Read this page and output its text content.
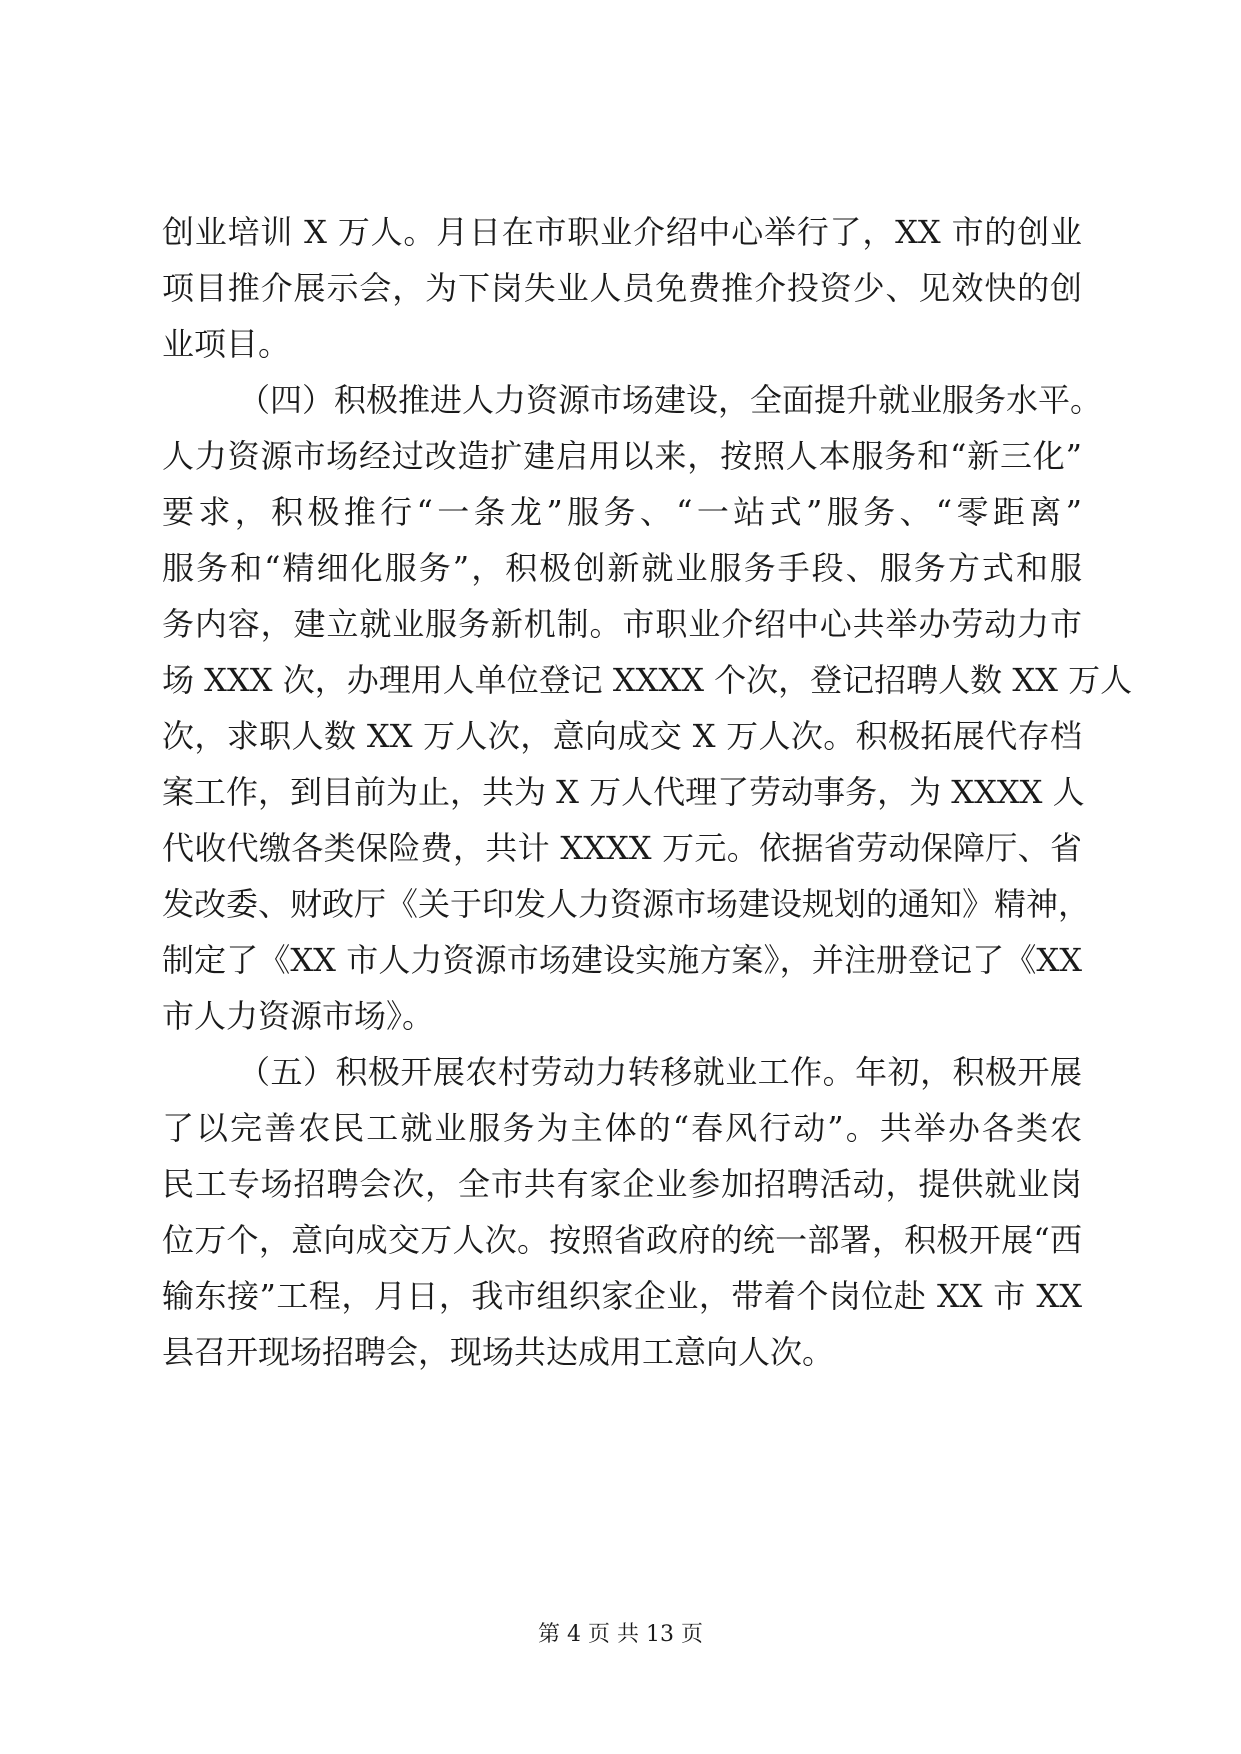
创业培训 X 万人。月日在市职业介绍中心举行了，XX 市的创业
项目推介展示会，为下岗失业人员免费推介投资少、见效快的创
业项目。
（四）积极推进人力资源市场建设，全面提升就业服务水平。
人力资源市场经过改造扩建启用以来，按照人本服务和“新三化”
要求，积极推行“一条龙”服务、“一站式”服务、“零距离”
服务和“精细化服务”，积极创新就业服务手段、服务方式和服
务内容，建立就业服务新机制。市职业介绍中心共举办劳动力市
场 XXX 次，办理用人单位登记 XXXX 个次，登记招聘人数 XX 万人
次，求职人数 XX 万人次，意向成交 X 万人次。积极拓展代存档
案工作，到目前为止，共为 X 万人代理了劳动事务，为 XXXX 人
代收代缴各类保险费，共计 XXXX 万元。依据省劳动保障厅、省
发改委、财政厅《关于印发人力资源市场建设规划的通知》精神，
制定了《XX 市人力资源市场建设实施方案》，并注册登记了《XX
市人力资源市场》。
（五）积极开展农村劳动力转移就业工作。年初，积极开展
了以完善农民工就业服务为主体的“春风行动”。共举办各类农
民工专场招聘会次，全市共有家企业参加招聘活动，提供就业岗
位万个，意向成交万人次。按照省政府的统一部署，积极开展“西
输东接”工程，月日，我市组织家企业，带着个岗位赴 XX 市 XX
县召开现场招聘会，现场共达成用工意向人次。
第 4 页 共 13 页
